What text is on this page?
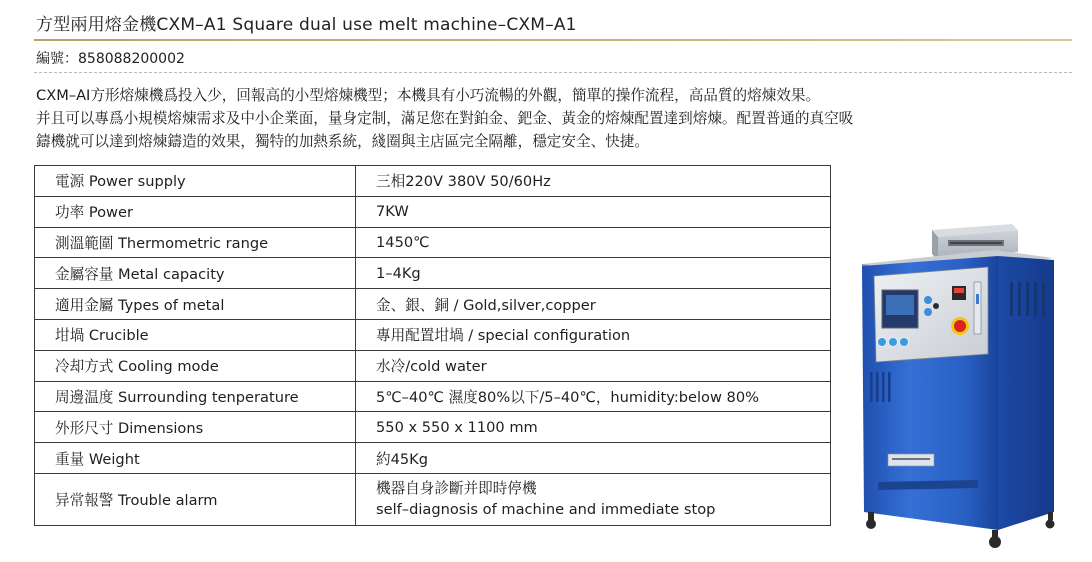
方型兩用熔金機CXM–A1 Square dual use melt machine–CXM–A1
編號：858088200002

CXM–AI方形熔煉機爲投入少，回報高的小型熔煉機型；本機具有小巧流暢的外觀，簡單的操作流程，高品質的熔煉效果。

并且可以專爲小規模熔煉需求及中小企業面，量身定制，滿足您在對鉑金、鈀金、黃金的熔煉配置達到熔煉。配置普通的真空吸

鑄機就可以達到熔煉鑄造的效果，獨特的加熱系統，綫圈與主店區完全隔離，穩定安全、快捷。

電源 Power supply	三相220V 380V 50/60Hz
功率 Power	7KW
測溫範圍 Thermometric range	1450℃
金屬容量 Metal capacity	1–4Kg
適用金屬 Types of metal	金、銀、銅 / Gold,silver,copper
坩堝 Crucible	專用配置坩堝 / special configuration
冷却方式 Cooling mode	水冷/cold water
周邊温度 Surrounding tenperature	5℃–40℃ 濕度80%以下/5–40℃，humidity:below 80%
外形尺寸 Dimensions	550 x 550 x 1100 mm
重量 Weight	約45Kg
异常報警 Trouble alarm	機器自身診斷并即時停機
self–diagnosis of machine and immediate stop
